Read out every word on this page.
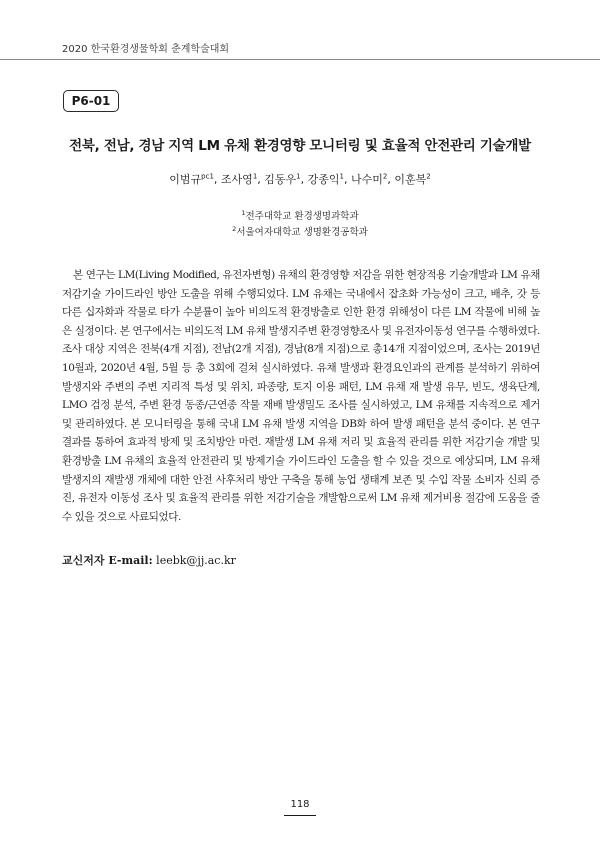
2020 한국환경생물학회 춘계학술대회
P6-01
전북, 전남, 경남 지역 LM 유채 환경영향 모니터링 및 효율적 안전관리 기술개발
이범규$^{pc1}$, 조사영$^1$, 김동우$^1$, 강종익$^1$, 나수미$^2$, 이훈복$^2$
$^1$전주대학교 환경생명과학과
$^2$서울여자대학교 생명환경공학과
본 연구는 LM(Living Modified, 유전자변형) 유채의 환경영향 저감을 위한 현장적용 기술개발과 LM 유채 저감기술 가이드라인 방안 도출을 위해 수행되었다. LM 유채는 국내에서 잡초화 가능성이 크고, 배추, 갓 등 다른 십자화과 작물로 타가 수분률이 높아 비의도적 환경방출로 인한 환경 위해성이 다른 LM 작물에 비해 높은 실정이다. 본 연구에서는 비의도적 LM 유채 발생지주변 환경영향조사 및 유전자이동성 연구를 수행하였다. 조사 대상 지역은 전북(4개 지점), 전남(2개 지점), 경남(8개 지점)으로 총14개 지점이었으며, 조사는 2019년 10월과, 2020년 4월, 5월 등 총 3회에 걸쳐 실시하였다. 유채 발생과 환경요인과의 관계를 분석하기 위하여 발생지와 주변의 주변 지리적 특성 및 위치, 파종량, 토지 이용 패턴, LM 유채 재 발생 유무, 빈도, 생육단계, LMO 검정 분석, 주변 환경 동종/근연종 작물 재배 발생밀도 조사를 실시하였고, LM 유채를 지속적으로 제거 및 관리하였다. 본 모니터링을 통해 국내 LM 유채 발생 지역을 DB화 하여 발생 패턴을 분석 중이다. 본 연구 결과를 통하여 효과적 방제 및 조치방안 마련. 재발생 LM 유채 저리 및 효율적 관리를 위한 저감기술 개발 및 환경방출 LM 유채의 효율적 안전관리 및 방제기술 가이드라인 도출을 할 수 있을 것으로 예상되며, LM 유채 발생지의 재발생 개체에 대한 안전 사후처리 방안 구축을 통해 농업 생태계 보존 및 수입 작물 소비자 신뢰 증진, 유전자 이동성 조사 및 효율적 관리를 위한 저감기술을 개발함으로써 LM 유채 제거비용 절감에 도움을 줄 수 있을 것으로 사료되었다.
교신저자 E-mail: leebk@jj.ac.kr
118
